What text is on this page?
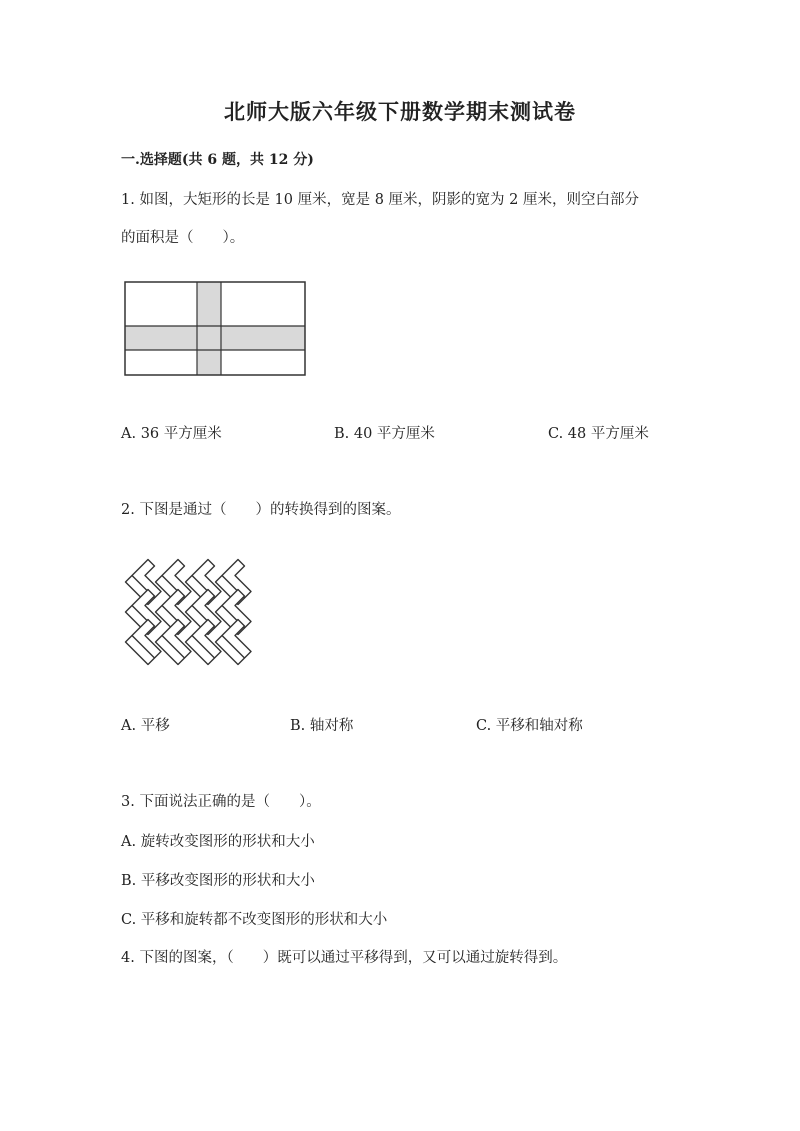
北师大版六年级下册数学期末测试卷
一.选择题(共 6 题，共 12 分)
1. 如图，大矩形的长是 10 厘米，宽是 8 厘米，阴影的宽为 2 厘米，则空白部分
的面积是（　　）。
A. 36 平方厘米	B. 40 平方厘米	C. 48 平方厘米
2. 下图是通过（　　）的转换得到的图案。
A. 平移	B. 轴对称	C. 平移和轴对称
3. 下面说法正确的是（　　）。
A. 旋转改变图形的形状和大小
B. 平移改变图形的形状和大小
C. 平移和旋转都不改变图形的形状和大小
4. 下图的图案，（　　）既可以通过平移得到，又可以通过旋转得到。
